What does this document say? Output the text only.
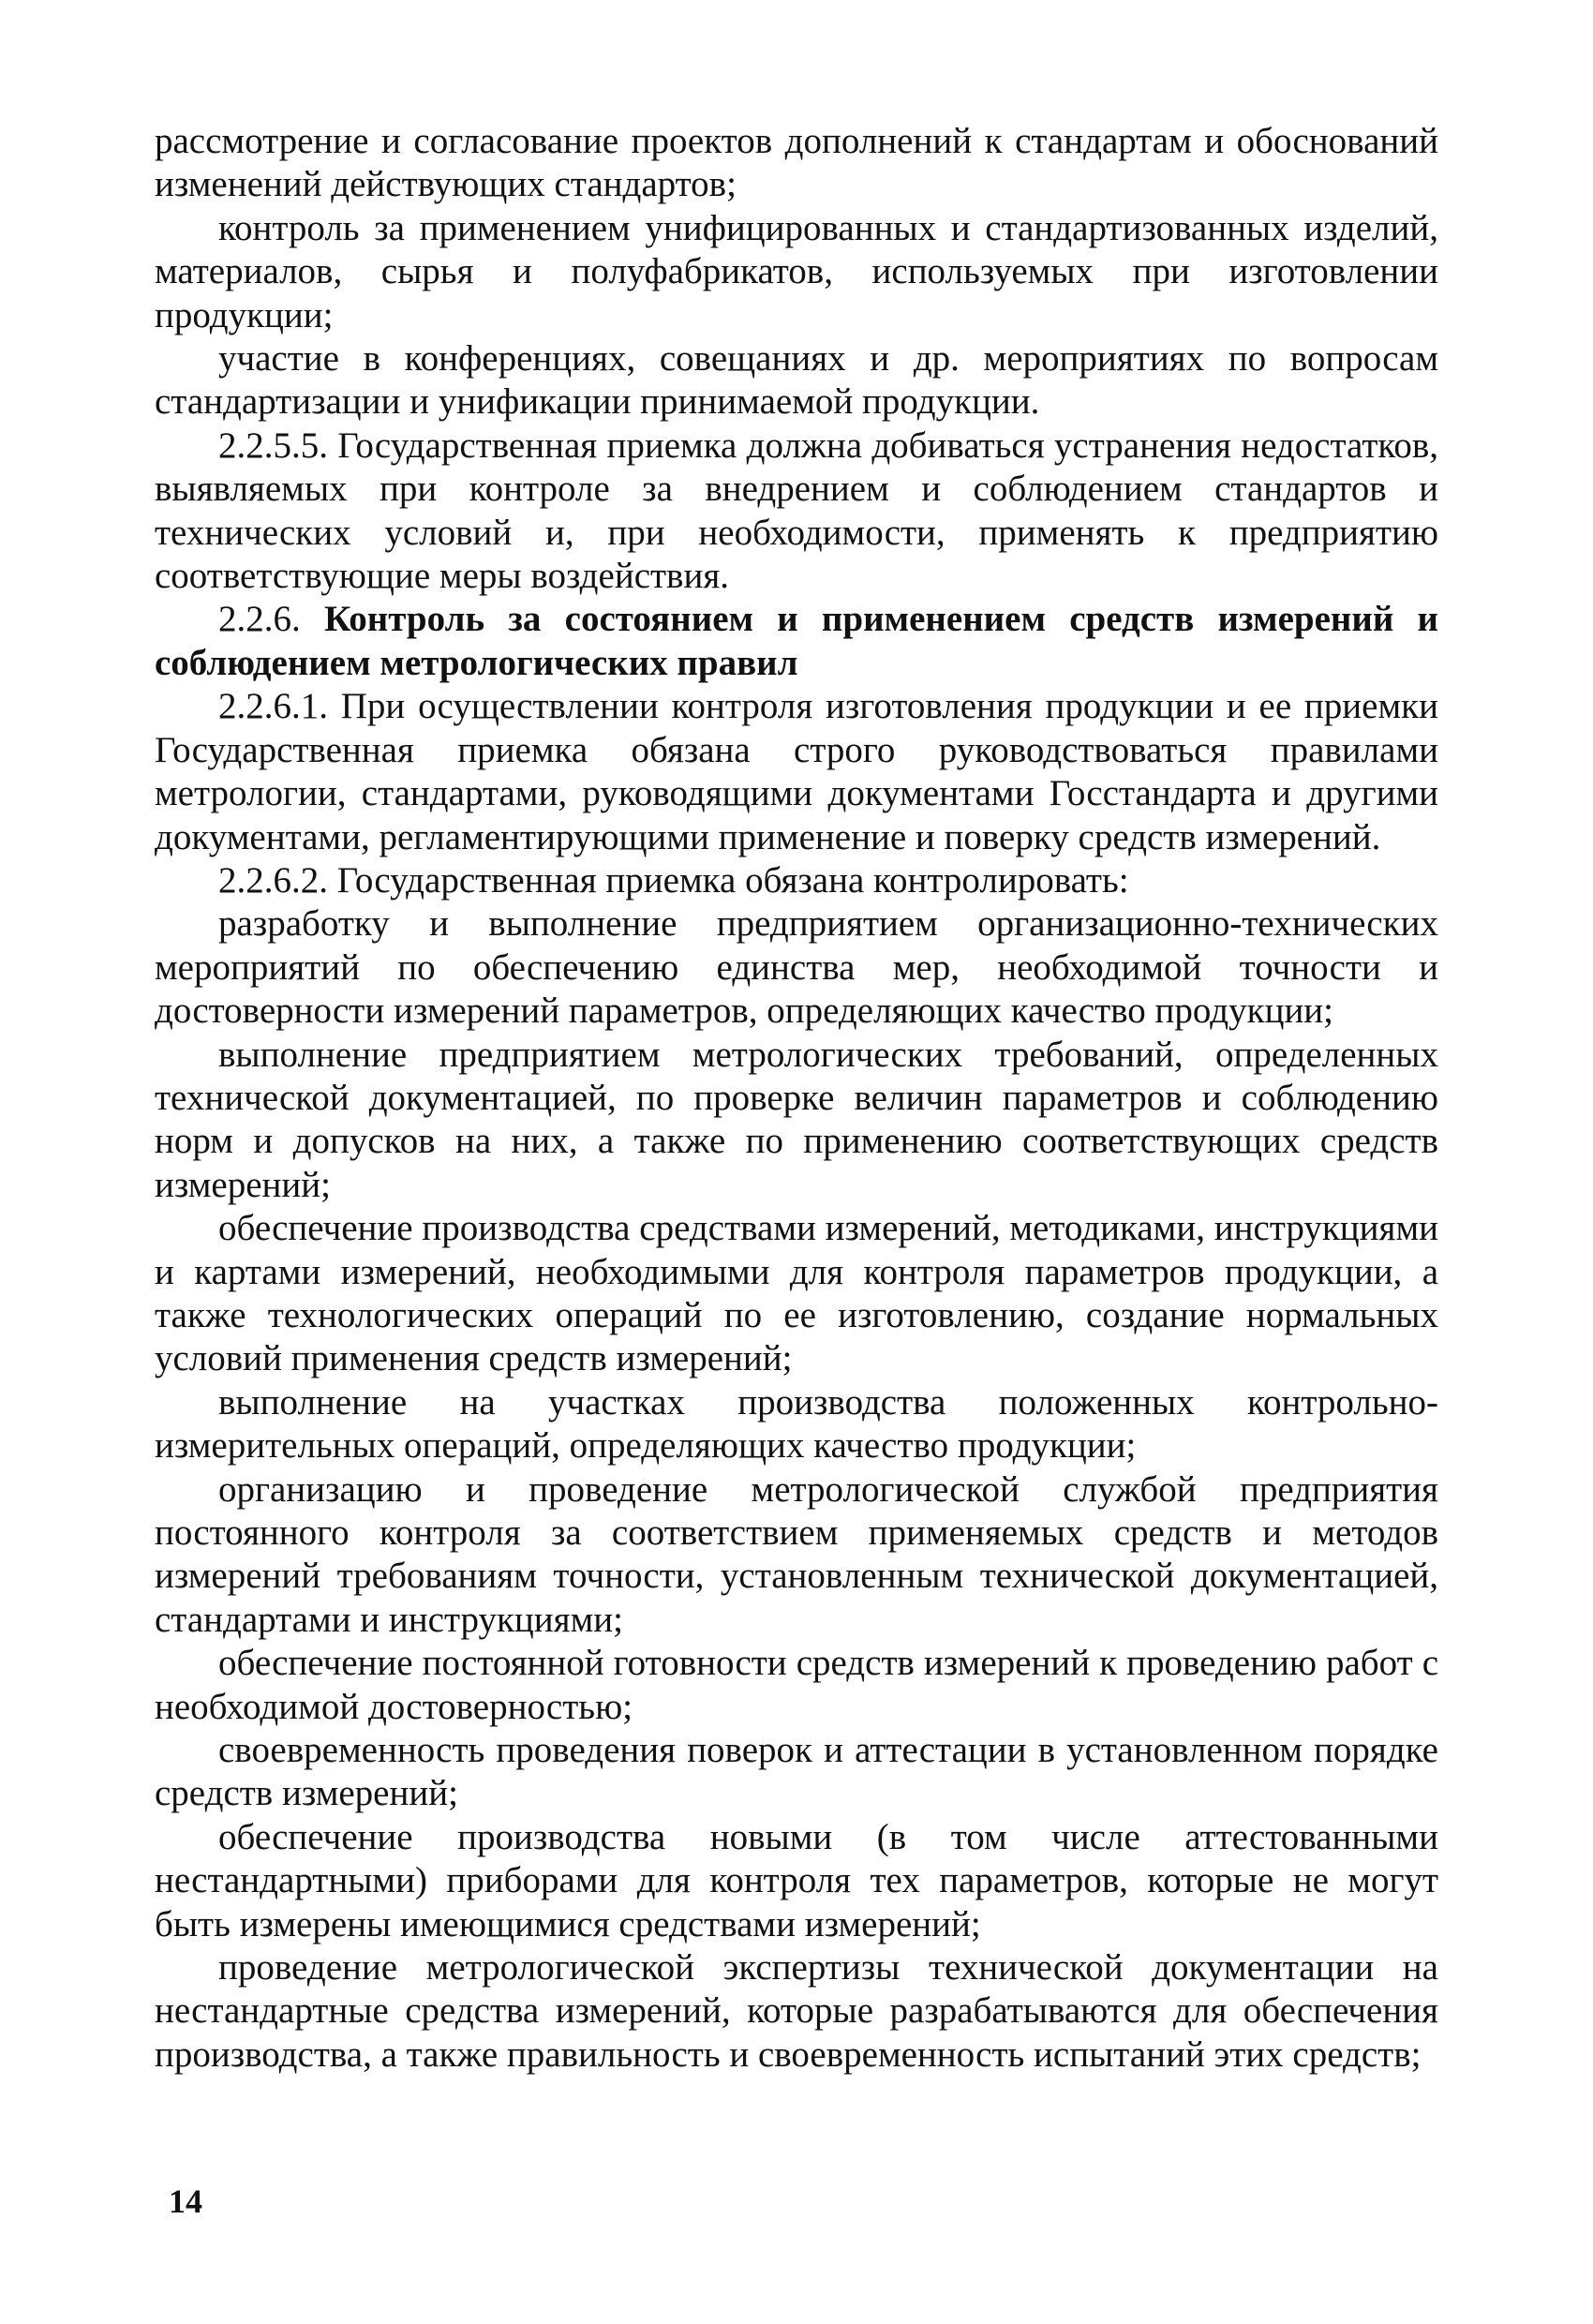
рассмотрение и согласование проектов дополнений к стандартам и обоснований изменений действующих стандартов;

контроль за применением унифицированных и стандартизованных изделий, материалов, сырья и полуфабрикатов, используемых при изготовлении продукции;

участие в конференциях, совещаниях и др. мероприятиях по вопросам стандартизации и унификации принимаемой продукции.

2.2.5.5. Государственная приемка должна добиваться устранения недостатков, выявляемых при контроле за внедрением и соблюдением стандартов и технических условий и, при необходимости, применять к предприятию соответствующие меры воздействия.

2.2.6. Контроль за состоянием и применением средств измерений и соблюдением метрологических правил

2.2.6.1. При осуществлении контроля изготовления продукции и ее приемки Государственная приемка обязана строго руководствоваться правилами метрологии, стандартами, руководящими документами Госстандарта и другими документами, регламентирующими применение и поверку средств измерений.

2.2.6.2. Государственная приемка обязана контролировать:

разработку и выполнение предприятием организационно-технических мероприятий по обеспечению единства мер, необходимой точности и достоверности измерений параметров, определяющих качество продукции;

выполнение предприятием метрологических требований, определенных технической документацией, по проверке величин параметров и соблюдению норм и допусков на них, а также по применению соответствующих средств измерений;

обеспечение производства средствами измерений, методиками, инструкциями и картами измерений, необходимыми для контроля параметров продукции, а также технологических операций по ее изготовлению, создание нормальных условий применения средств измерений;

выполнение на участках производства положенных контрольно-измерительных операций, определяющих качество продукции;

организацию и проведение метрологической службой предприятия постоянного контроля за соответствием применяемых средств и методов измерений требованиям точности, установленным технической документацией, стандартами и инструкциями;

обеспечение постоянной готовности средств измерений к проведению работ с необходимой достоверностью;

своевременность проведения поверок и аттестации в установленном порядке средств измерений;

обеспечение производства новыми (в том числе аттестованными нестандартными) приборами для контроля тех параметров, которые не могут быть измерены имеющимися средствами измерений;

проведение метрологической экспертизы технической документации на нестандартные средства измерений, которые разрабатываются для обеспечения производства, а также правильность и своевременность испытаний этих средств;

14
